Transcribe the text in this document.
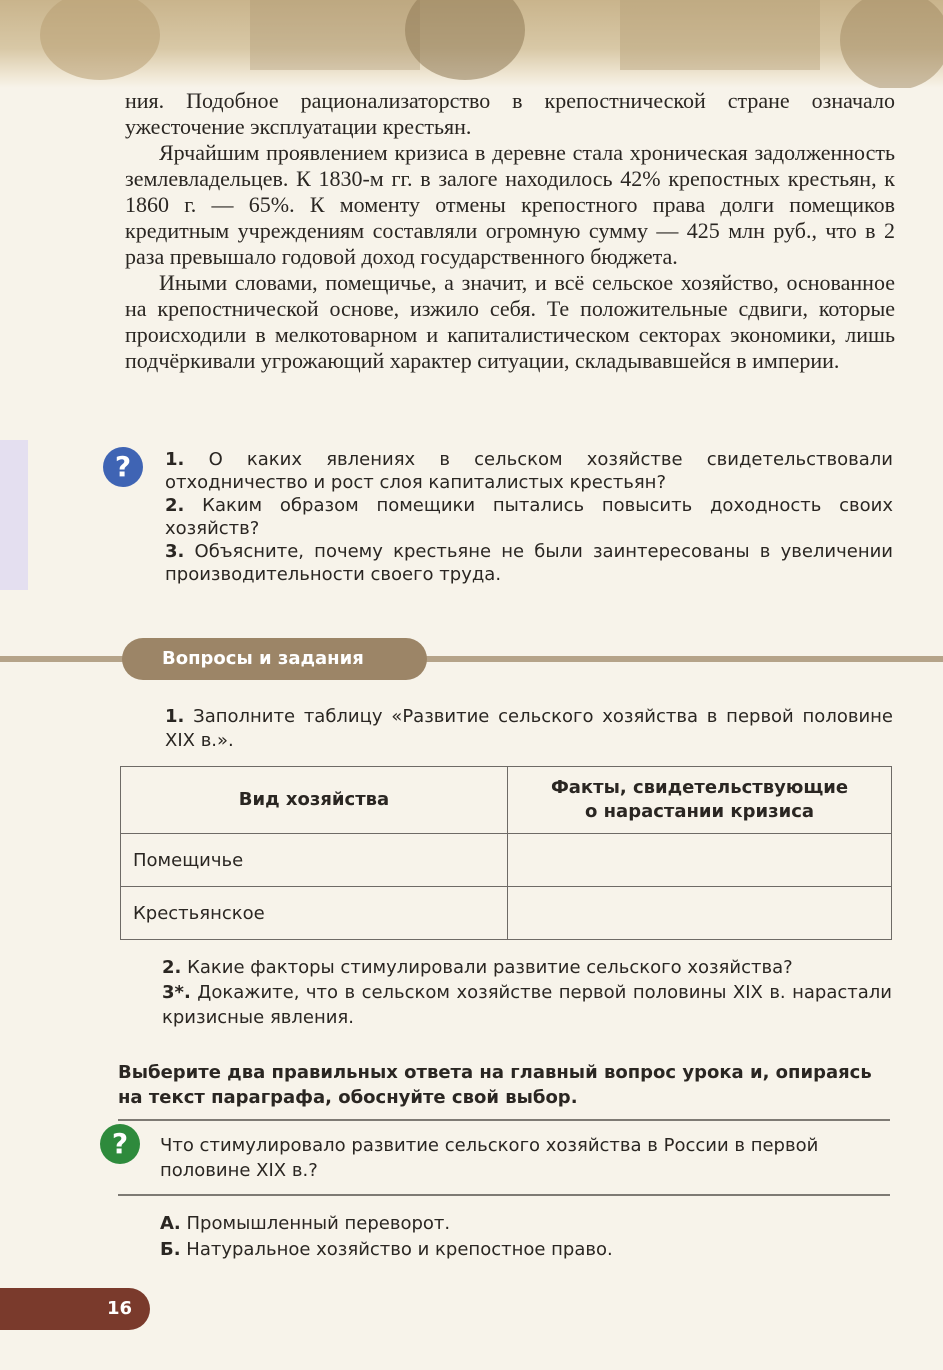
ния. Подобное рационализаторство в крепостнической стране означало ужесточение эксплуатации крестьян.

Ярчайшим проявлением кризиса в деревне стала хроническая задолженность землевладельцев. К 1830-м гг. в залоге находилось 42% крепостных крестьян, к 1860 г. — 65%. К моменту отмены крепостного права долги помещиков кредитным учреждениям составляли огромную сумму — 425 млн руб., что в 2 раза превышало годовой доход государственного бюджета.

Иными словами, помещичье, а значит, и всё сельское хозяйство, основанное на крепостнической основе, изжило себя. Те положительные сдвиги, которые происходили в мелкотоварном и капиталистическом секторах экономики, лишь подчёркивали угрожающий характер ситуации, складывавшейся в империи.

?	1. О каких явлениях в сельском хозяйстве свидетельствовали отходничество и рост слоя капиталистых крестьян?

2. Каким образом помещики пытались повысить доходность своих хозяйств?

3. Объясните, почему крестьяне не были заинтересованы в увеличении производительности своего труда.

Вопросы и задания
1. Заполните таблицу «Развитие сельского хозяйства в первой половине XIX в.».
Вид хозяйства	Факты, свидетельствующие
о нарастании кризиса
Помещичье	
Крестьянское	
2. Какие факторы стимулировали развитие сельского хозяйства?
3*. Докажите, что в сельском хозяйстве первой половины XIX в. нарастали кризисные явления.
Выберите два правильных ответа на главный вопрос урока и, опираясь на текст параграфа, обоснуйте свой выбор.
?	Что стимулировало развитие сельского хозяйства в России в первой половине XIX в.?

А. Промышленный переворот.

Б. Натуральное хозяйство и крепостное право.

16
